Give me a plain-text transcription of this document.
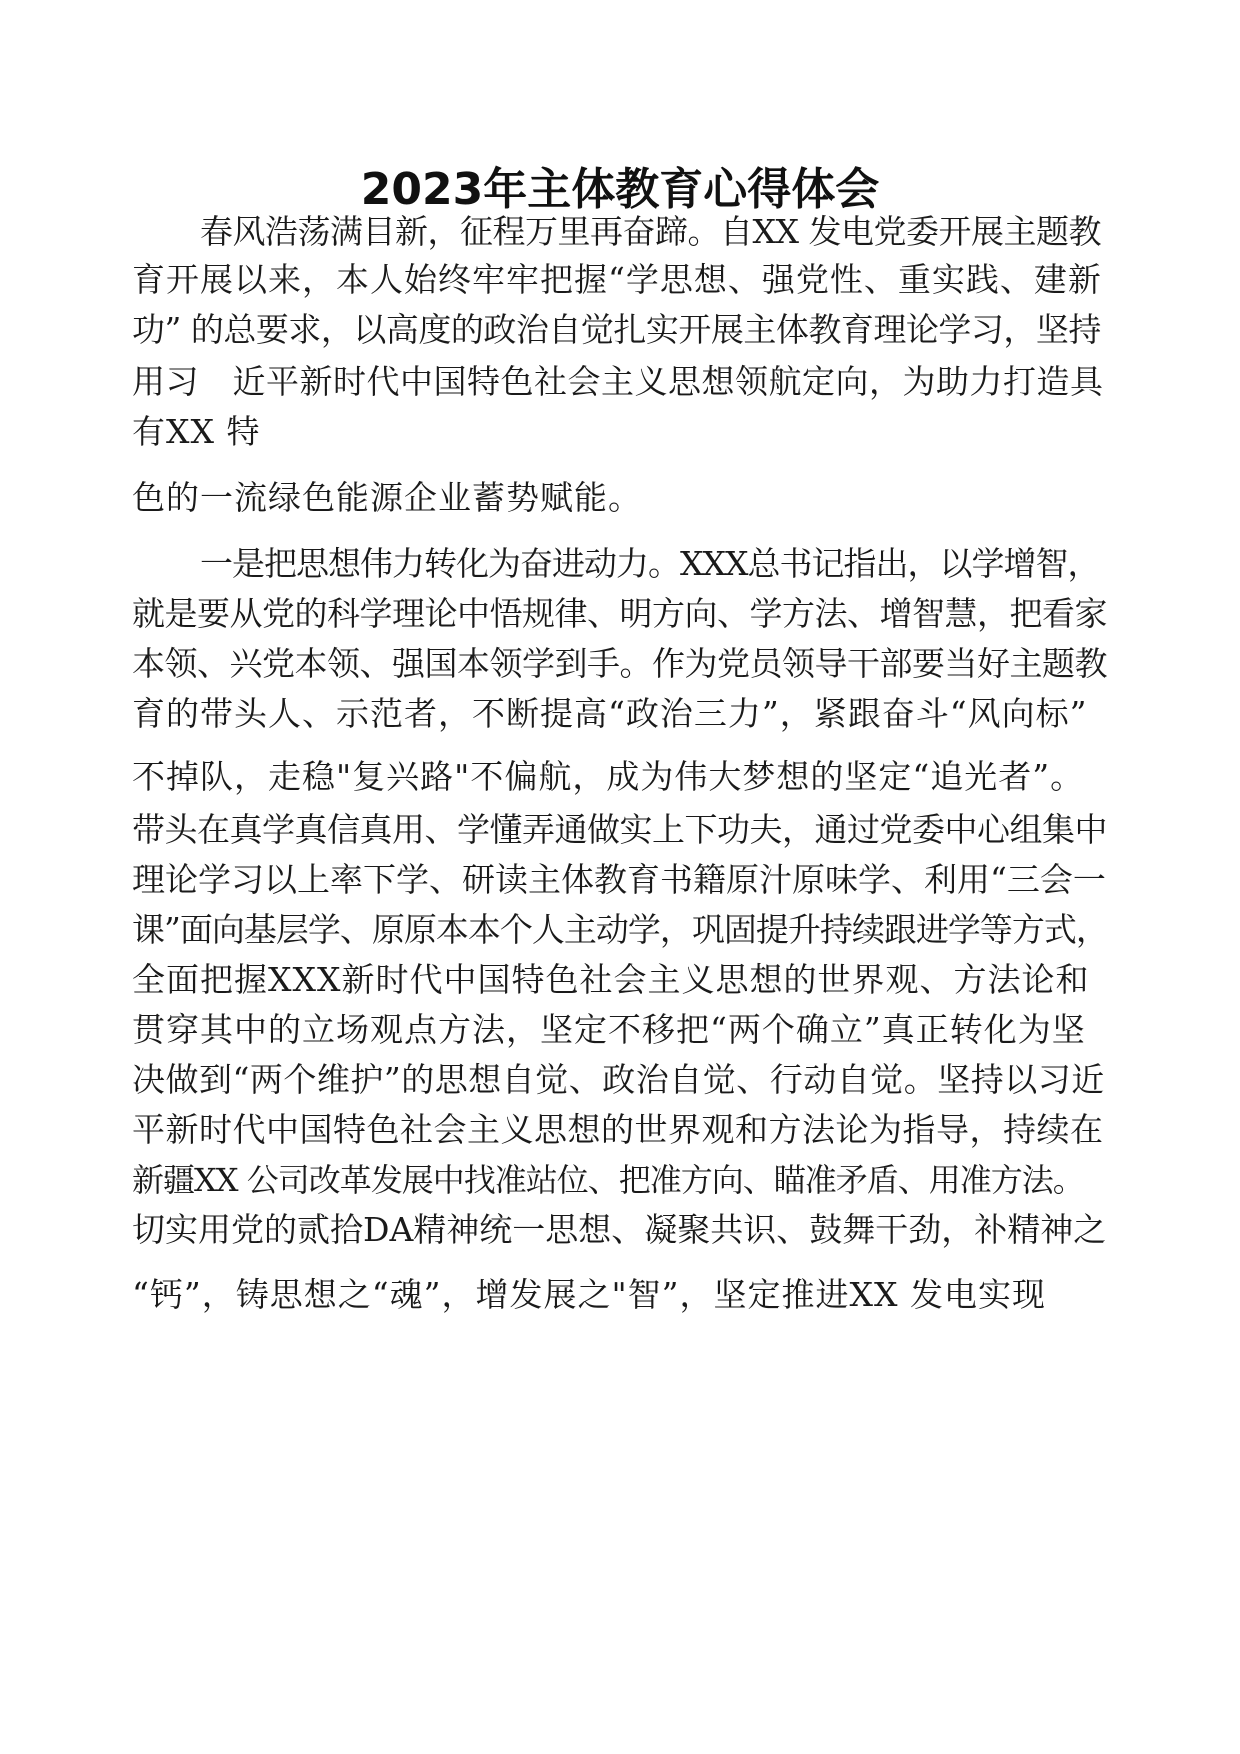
2023年主体教育心得体会
春风浩荡满目新，征程万里再奋蹄。自XX 发电党委开展主题教
育开展以来，本人始终牢牢把握“学思想、强党性、重实践、建新
功” 的总要求，以高度的政治自觉扎实开展主体教育理论学习，坚持
用习　近平新时代中国特色社会主义思想领航定向，为助力打造具
有XX 特
色的一流绿色能源企业蓄势赋能。
一是把思想伟力转化为奋进动力。XXX总书记指出，以学增智，
就是要从党的科学理论中悟规律、明方向、学方法、增智慧，把看家
本领、兴党本领、强国本领学到手。作为党员领导干部要当好主题教
育的带头人、示范者，不断提高“政治三力”，紧跟奋斗“风向标”
不掉队，走稳"复兴路"不偏航，成为伟大梦想的坚定“追光者”。
带头在真学真信真用、学懂弄通做实上下功夫，通过党委中心组集中
理论学习以上率下学、研读主体教育书籍原汁原味学、利用“三会一
课”面向基层学、原原本本个人主动学，巩固提升持续跟进学等方式，
全面把握XXX新时代中国特色社会主义思想的世界观、方法论和
贯穿其中的立场观点方法，坚定不移把“两个确立”真正转化为坚
决做到“两个维护”的思想自觉、政治自觉、行动自觉。坚持以习近
平新时代中国特色社会主义思想的世界观和方法论为指导，持续在
新疆XX 公司改革发展中找准站位、把准方向、瞄准矛盾、用准方法。
切实用党的贰拾DA精神统一思想、凝聚共识、鼓舞干劲，补精神之
“钙”，铸思想之“魂”，增发展之"智”，坚定推进XX 发电实现
